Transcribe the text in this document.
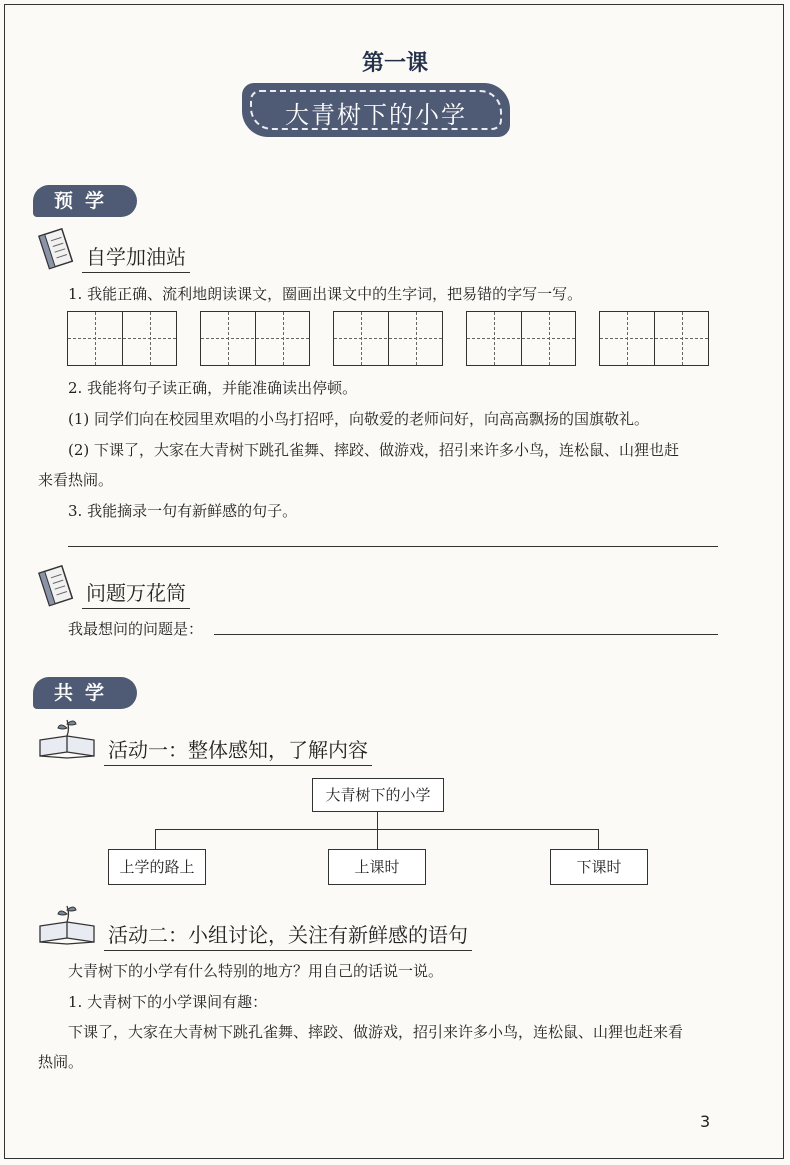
第一课
大青树下的小学
预学
自学加油站
1. 我能正确、流利地朗读课文，圈画出课文中的生字词，把易错的字写一写。
2. 我能将句子读正确，并能准确读出停顿。
(1) 同学们向在校园里欢唱的小鸟打招呼，向敬爱的老师问好，向高高飘扬的国旗敬礼。
(2) 下课了，大家在大青树下跳孔雀舞、摔跤、做游戏，招引来许多小鸟，连松鼠、山狸也赶
来看热闹。
3. 我能摘录一句有新鲜感的句子。
问题万花筒
我最想问的问题是：
共学
活动一：整体感知，了解内容
大青树下的小学
上学的路上	上课时	下课时
活动二：小组讨论，关注有新鲜感的语句
大青树下的小学有什么特别的地方？用自己的话说一说。
1. 大青树下的小学课间有趣：
下课了，大家在大青树下跳孔雀舞、摔跤、做游戏，招引来许多小鸟，连松鼠、山狸也赶来看
热闹。
3
